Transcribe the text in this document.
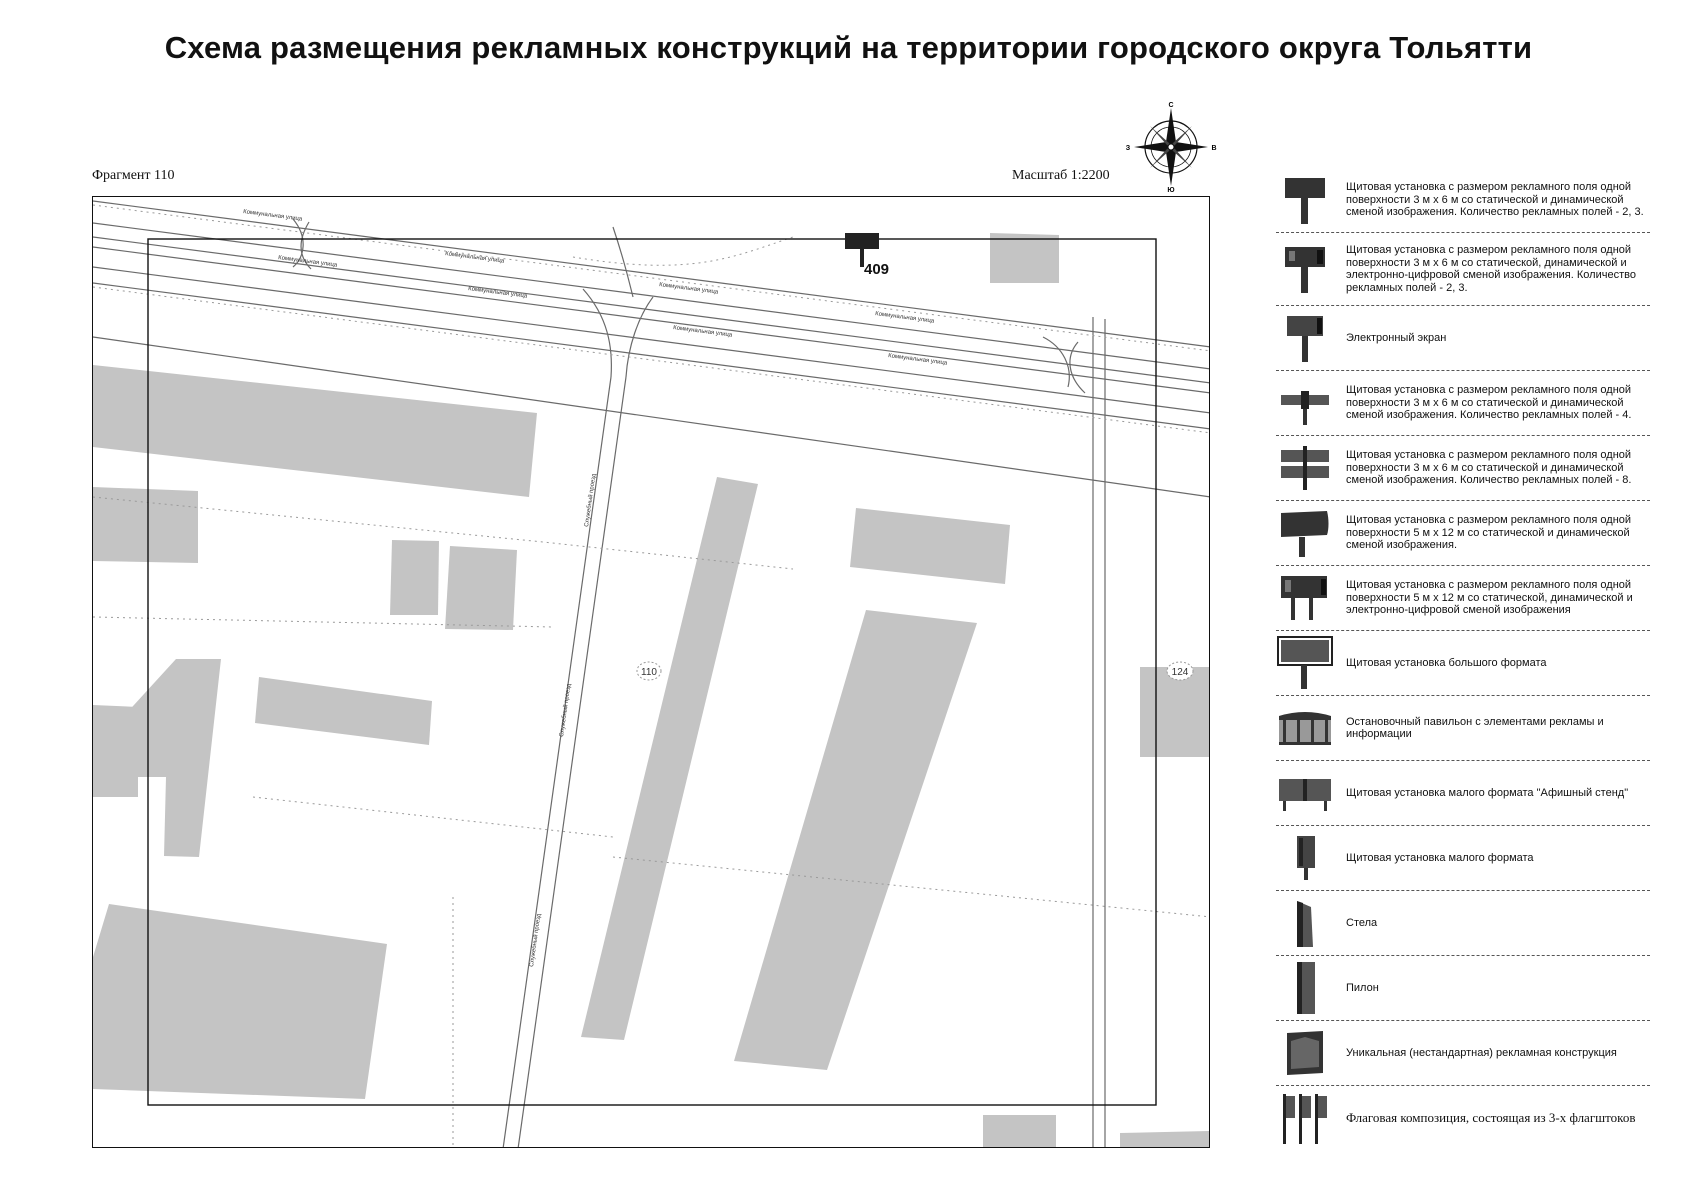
Схема размещения рекламных конструкций на территории городского округа Тольятти
Фрагмент 110	Масштаб 1:2200
С
Ю
З	В
Коммунальная улица
Коммунальная улица	Коммунальная улица
Коммунальная улица	Коммунальная улица
Коммунальная улица
Коммунальная улица
Коммунальная улица
Служебный проезд
Служебный проезд
Служебный проезд
110	124
409
Щитовая установка с размером рекламного поля одной поверхности 3 м х 6 м со статической и динамической сменой изображения. Количество рекламных полей - 2, 3.
Щитовая установка с размером рекламного поля одной поверхности 3 м х 6 м со статической, динамической и электронно-цифровой сменой изображения. Количество рекламных полей - 2, 3.
Электронный экран
Щитовая установка с размером рекламного поля одной поверхности 3 м х 6 м со статической и динамической сменой изображения. Количество рекламных полей - 4.
Щитовая установка с размером рекламного поля одной поверхности 3 м х 6 м со статической и динамической сменой изображения. Количество рекламных полей - 8.
Щитовая установка с размером рекламного поля одной поверхности 5 м х 12 м со статической и динамической сменой изображения.
Щитовая установка с размером рекламного поля одной поверхности 5 м х 12 м со статической, динамической и электронно-цифровой сменой изображения
Щитовая установка большого формата
Остановочный павильон с элементами рекламы и информации
Щитовая установка малого формата "Афишный стенд"
Щитовая установка малого формата
Стела
Пилон
Уникальная (нестандартная) рекламная конструкция
Флаговая композиция, состоящая из 3-х флагштоков
